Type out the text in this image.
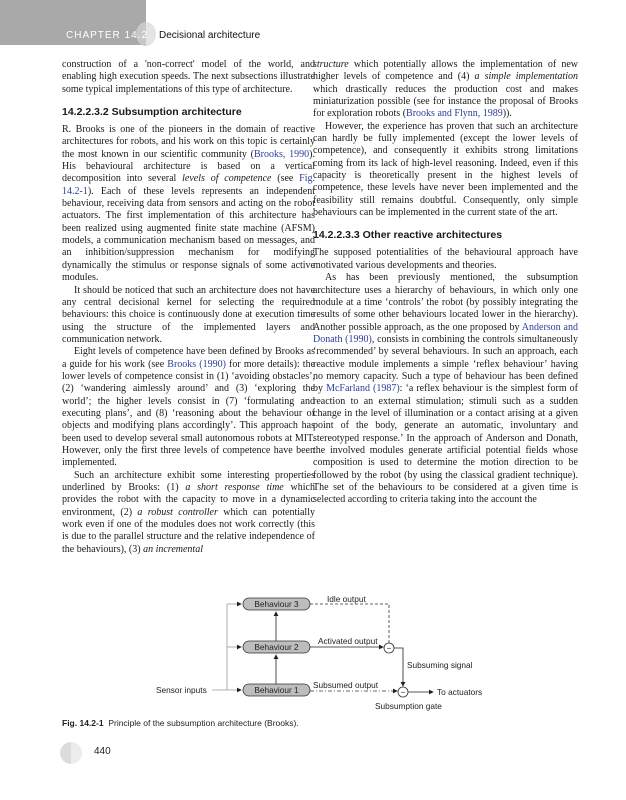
CHAPTER 14.2 Decisional architecture

construction of a 'non-correct' model of the world, and enabling high execution speeds. The next subsections illustrate some typical implementations of this type of architecture.

14.2.2.3.2 Subsumption architecture

R. Brooks is one of the pioneers in the domain of reactive architectures for robots, and his work on this topic is certainly the most known in our scientific community (Brooks, 1990). His behavioural architecture is based on a vertical decomposition into several levels of competence (see Fig. 14.2-1). Each of these levels represents an independent behaviour, receiving data from sensors and acting on the robot actuators. The first implementation of this architecture has been realized using augmented finite state machine (AFSM) models, a communication mechanism based on messages, and an inhibition/suppression mechanism for modifying dynamically the stimulus or response signals of some active modules.

It should be noticed that such an architecture does not have any central decisional kernel for selecting the required behaviours: this choice is continuously done at execution time using the structure of the implemented layers and communication network.

Eight levels of competence have been defined by Brooks as a guide for his work (see Brooks (1990) for more details): the lower levels of competence consist in (1) ‘avoiding obstacles’, (2) ‘wandering aimlessly around’ and (3) ‘exploring the world’; the higher levels consist in (7) ‘formulating and executing plans’, and (8) ‘reasoning about the behaviour of objects and modifying plans accordingly’. This approach has been used to develop several small autonomous robots at MIT. However, only the first three levels of competence have been implemented.

Such an architecture exhibit some interesting properties underlined by Brooks: (1) a short response time which provides the robot with the capacity to move in a dynamic environment, (2) a robust controller which can potentially work even if one of the modules does not work correctly (this is due to the parallel structure and the relative independence of the behaviours), (3) an incremental

structure which potentially allows the implementation of new higher levels of competence and (4) a simple implementation which drastically reduces the production cost and makes miniaturization possible (see for instance the proposal of Brooks for exploration robots (Brooks and Flynn, 1989)).

However, the experience has proven that such an architecture can hardly be fully implemented (except the lower levels of competence), and consequently it exhibits strong limitations coming from its lack of high-level reasoning. Indeed, even if this capacity is theoretically present in the highest levels of competence, these levels have never been implemented and the feasibility still remains doubtful. Consequently, only simple behaviours can be implemented in the current state of the art.

14.2.2.3.3 Other reactive architectures

The supposed potentialities of the behavioural approach have motivated various developments and theories.

As has been previously mentioned, the subsumption architecture uses a hierarchy of behaviours, in which only one module at a time ‘controls’ the robot (by possibly integrating the results of some other behaviours located lower in the hierarchy). Another possible approach, as the one proposed by Anderson and Donath (1990), consists in combining the controls simultaneously ‘recommended’ by several behaviours. In such an approach, each reactive module implements a simple ‘reflex behaviour’ having no memory capacity. Such a type of behaviour has been defined by McFarland (1987): ‘a reflex behaviour is the simplest form of reaction to an external stimulation; stimuli such as a sudden change in the level of illumination or a contact arising at a given point of the body, generate an automatic, involuntary and stereotyped response.’ In the approach of Anderson and Donath, the involved modules generate artificial potential fields whose composition is used to determine the motion direction to be followed by the robot (by using the classical gradient technique). The set of the behaviours to be considered at a given time is selected according to criteria taking into the account the

Behaviour 3
Behaviour 2
Behaviour 1
−
−
Sensor inputs
Idle output
Activated output
Subsuming signal
Subsumed output
To actuators
Subsumption gate
Fig. 14.2-1 Principle of the subsumption architecture (Brooks).
440
